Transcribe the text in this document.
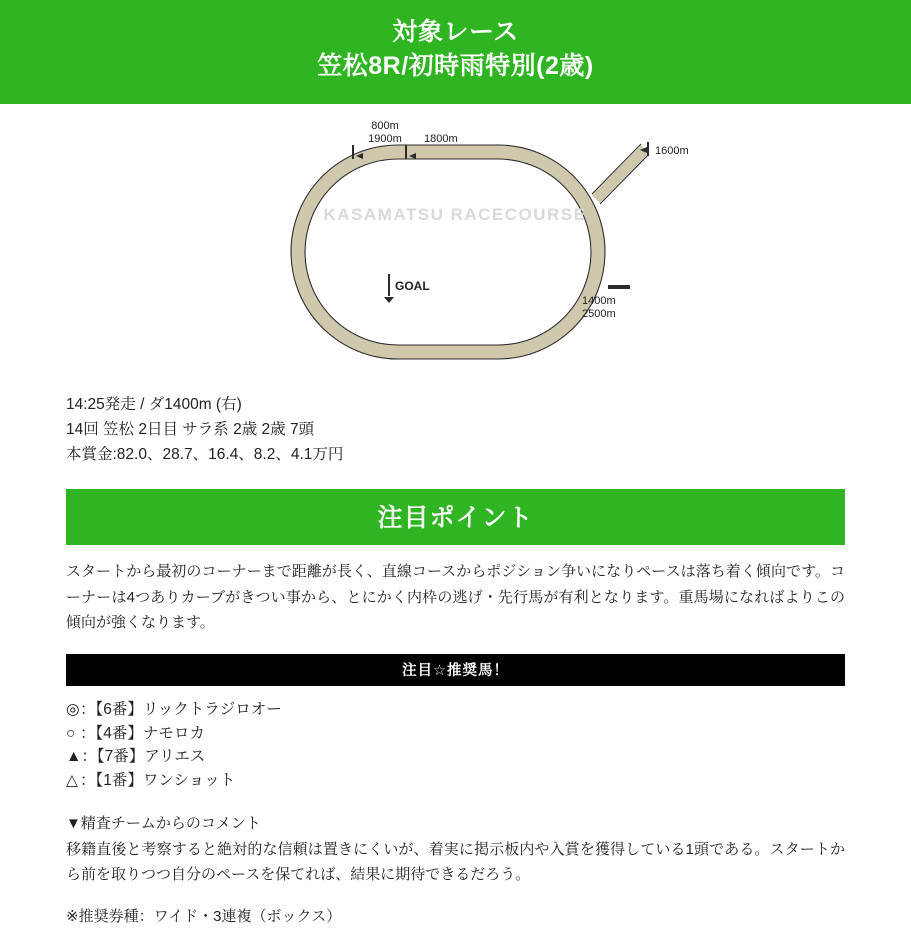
対象レース
笠松8R/初時雨特別(2歳)
KASAMATSU RACECOURSE
800m
1900m 1800m
1600m
1400m
2500m
GOAL
14:25発走 / ダ1400m (右)
14回 笠松 2日目 サラ系 2歳 2歳 7頭
本賞金:82.0、28.7、16.4、8.2、4.1万円
注目ポイント
スタートから最初のコーナーまで距離が長く、直線コースからポジション争いになりペースは落ち着く傾向です。コーナーは4つありカーブがきつい事から、とにかく内枠の逃げ・先行馬が有利となります。重馬場になればよりこの傾向が強くなります。
注目☆推奨馬！
◎：【6番】リックトラジロオー
○ ：【4番】ナモロカ
▲：【7番】アリエス
△ ：【1番】ワンショット
▼精査チームからのコメント
移籍直後と考察すると絶対的な信頼は置きにくいが、着実に掲示板内や入賞を獲得している1頭である。スタートから前を取りつつ自分のペースを保てれば、結果に期待できるだろう。
※推奨券種：ワイド・3連複（ボックス）
